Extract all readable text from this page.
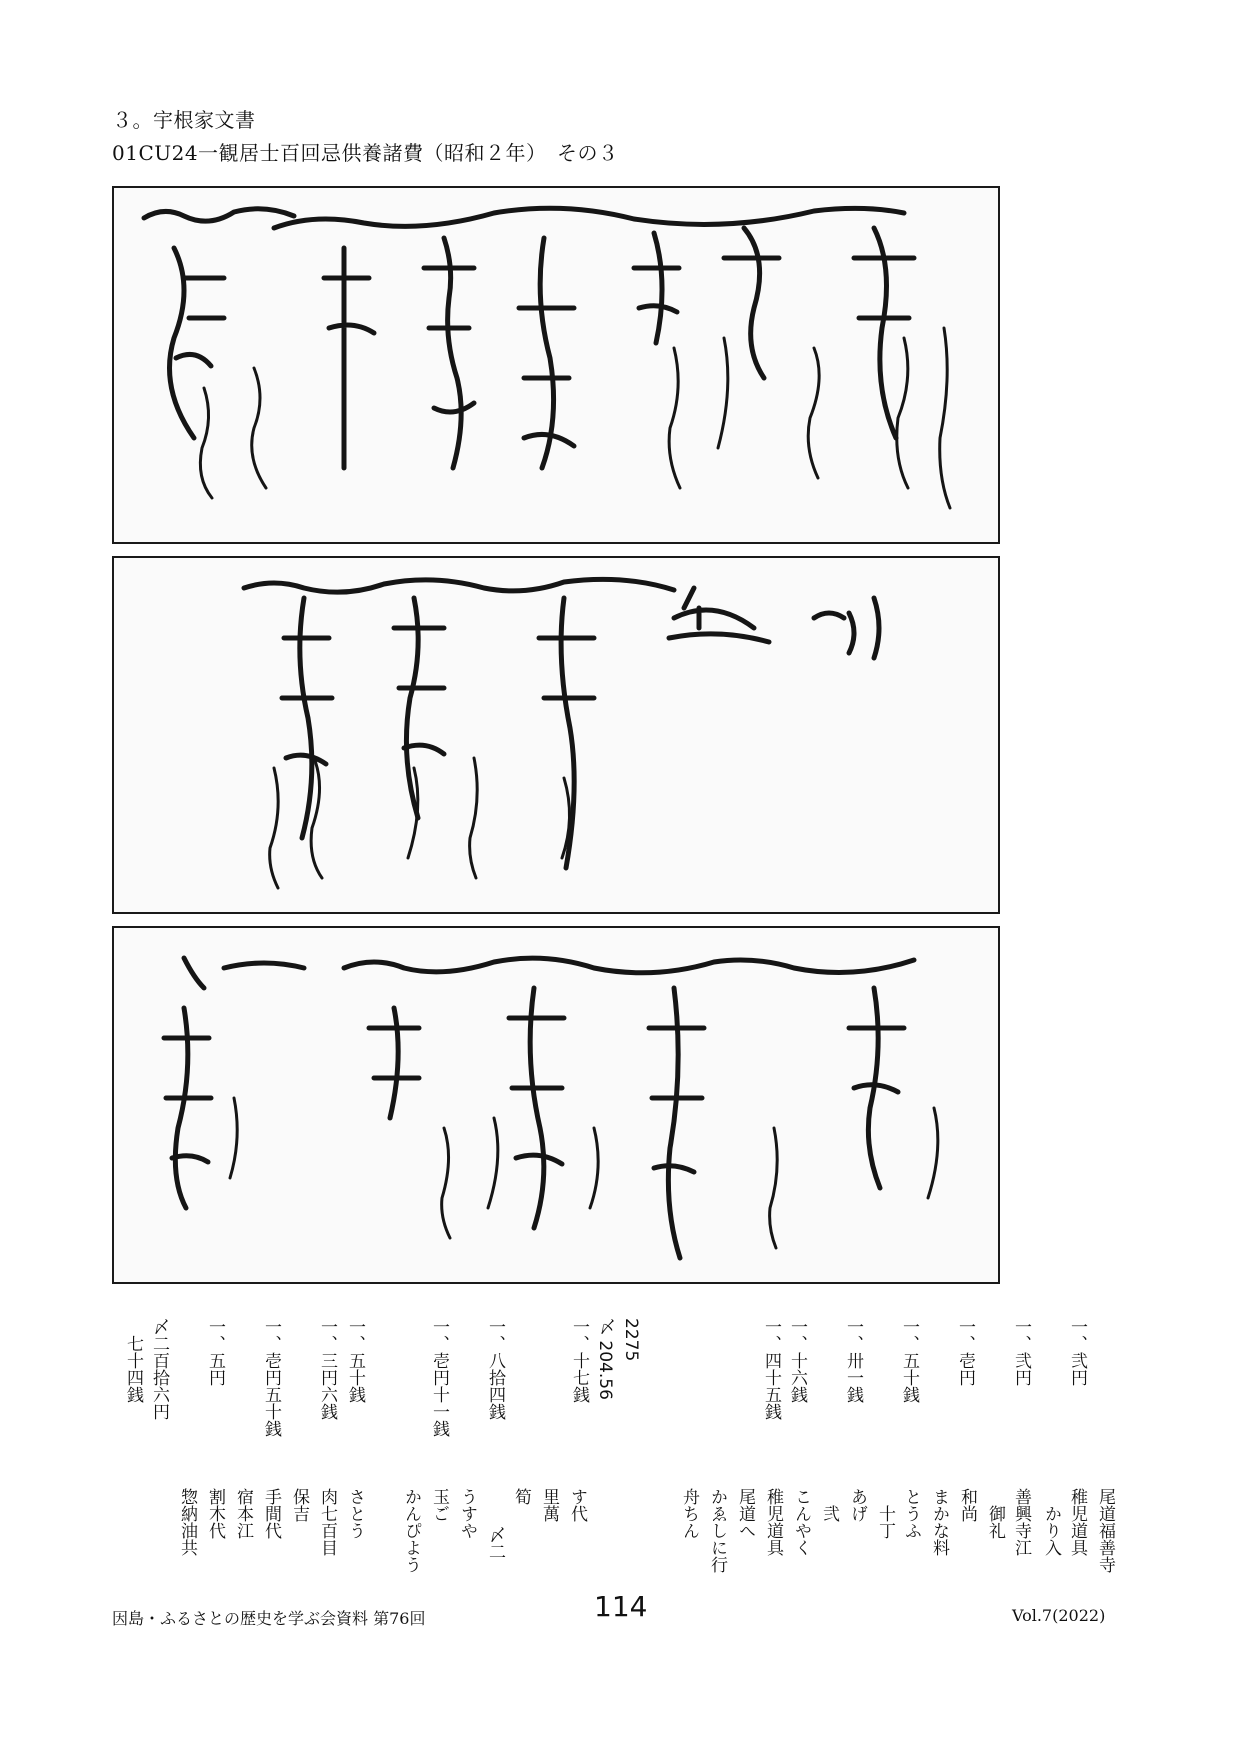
３。宇根家文書
01CU24一観居士百回忌供養諸費（昭和２年）　その３
一、弐円
一、弐円
一、壱円
一、五十銭
一、卅一銭
一、十六銭
一、四十五銭
2275
〆 204.56
一、十七銭
一、八拾四銭
一、壱円十一銭
一、五十銭
一、三円六銭
一、壱円五十銭
一、五円
〆二百拾六円
　七十四銭
尾道福善寺
稚児道具
　かり入
善興寺江
　御礼
和尚
まかな料
とうふ
　十丁
あげ
　弐
こんやく
稚児道具
尾道へ
かゑしに行
舟ちん
す代
里萬
〆二
筍
うすや
玉ご
かんぴよう
さとう
肉七百目
保吉
手間代
宿本江
割木代
惣納油共
因島・ふるさとの歴史を学ぶ会資料 第76回	114	Vol.7(2022)
